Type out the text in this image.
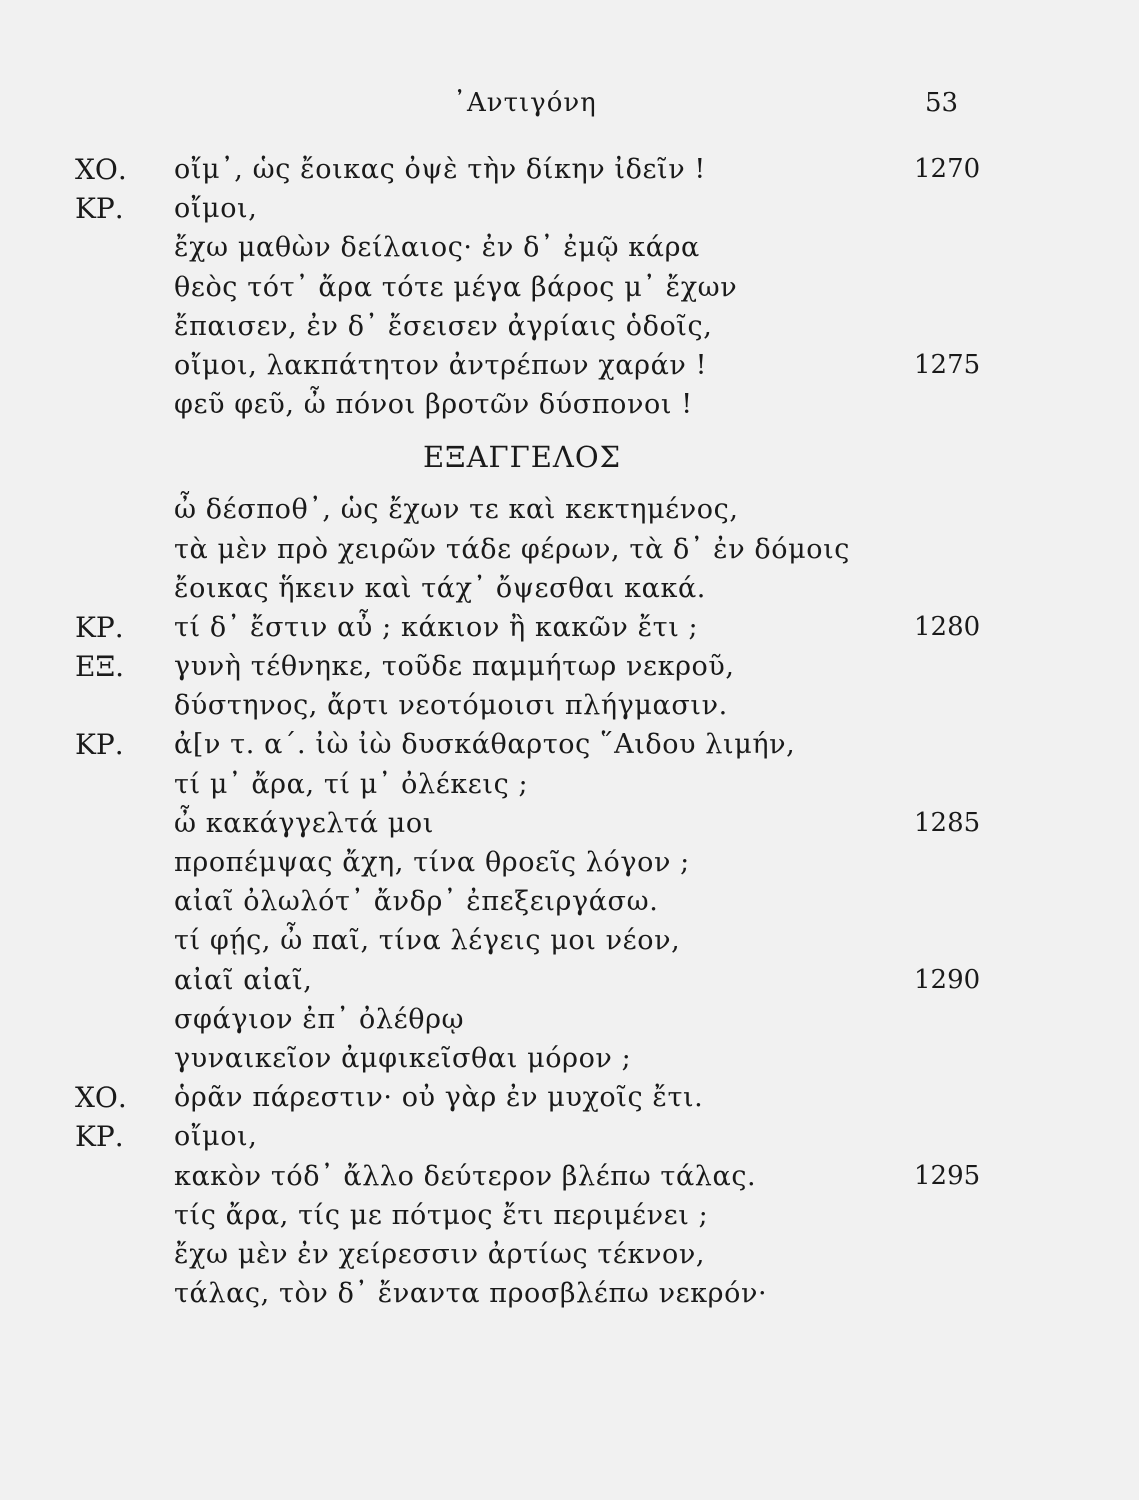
᾿Αντιγόνη	53
ΧΟ. οἴμ᾿, ὡς ἔοικας ὀψὲ τὴν δίκην ἰδεῖν !	1270
ΚΡ. οἴμοι,
ἔχω μαθὼν δείλαιος· ἐν δ᾿ ἐμῷ κάρα
θεὸς τότ᾿ ἄρα τότε μέγα βάρος μ᾿ ἔχων
ἔπαισεν, ἐν δ᾿ ἔσεισεν ἀγρίαις ὁδοῖς,
οἴμοι, λακπάτητον ἀντρέπων χαράν !	1275
φεῦ φεῦ, ὦ πόνοι βροτῶν δύσπονοι !
ΕΞΑΓΓΕΛΟΣ
ὦ δέσποθ᾿, ὡς ἔχων τε καὶ κεκτημένος,
τὰ μὲν πρὸ χειρῶν τάδε φέρων, τὰ δ᾿ ἐν δόμοις
ἔοικας ἥκειν καὶ τάχ᾿ ὄψεσθαι κακά.
ΚΡ. τί δ᾿ ἔστιν αὖ ; κάκιον ἢ κακῶν ἔτι ;	1280
ΕΞ. γυνὴ τέθνηκε, τοῦδε παμμήτωρ νεκροῦ,
δύστηνος, ἄρτι νεοτόμοισι πλήγμασιν.
ΚΡ. ἀ[ν τ. α΄. ἰὼ ἰὼ δυσκάθαρτος ῞Αιδου λιμήν,
τί μ᾿ ἄρα, τί μ᾿ ὀλέκεις ;
ὦ κακάγγελτά μοι	1285
προπέμψας ἄχη, τίνα θροεῖς λόγον ;
αἰαῖ ὀλωλότ᾿ ἄνδρ᾿ ἐπεξειργάσω.
τί φῄς, ὦ παῖ, τίνα λέγεις μοι νέον,
αἰαῖ αἰαῖ,	1290
σφάγιον ἐπ᾿ ὀλέθρῳ
γυναικεῖον ἀμφικεῖσθαι μόρον ;
ΧΟ. ὁρᾶν πάρεστιν· οὐ γὰρ ἐν μυχοῖς ἔτι.
ΚΡ. οἴμοι,
κακὸν τόδ᾿ ἄλλο δεύτερον βλέπω τάλας.	1295
τίς ἄρα, τίς με πότμος ἔτι περιμένει ;
ἔχω μὲν ἐν χείρεσσιν ἀρτίως τέκνον,
τάλας, τὸν δ᾿ ἔναντα προσβλέπω νεκρόν·
